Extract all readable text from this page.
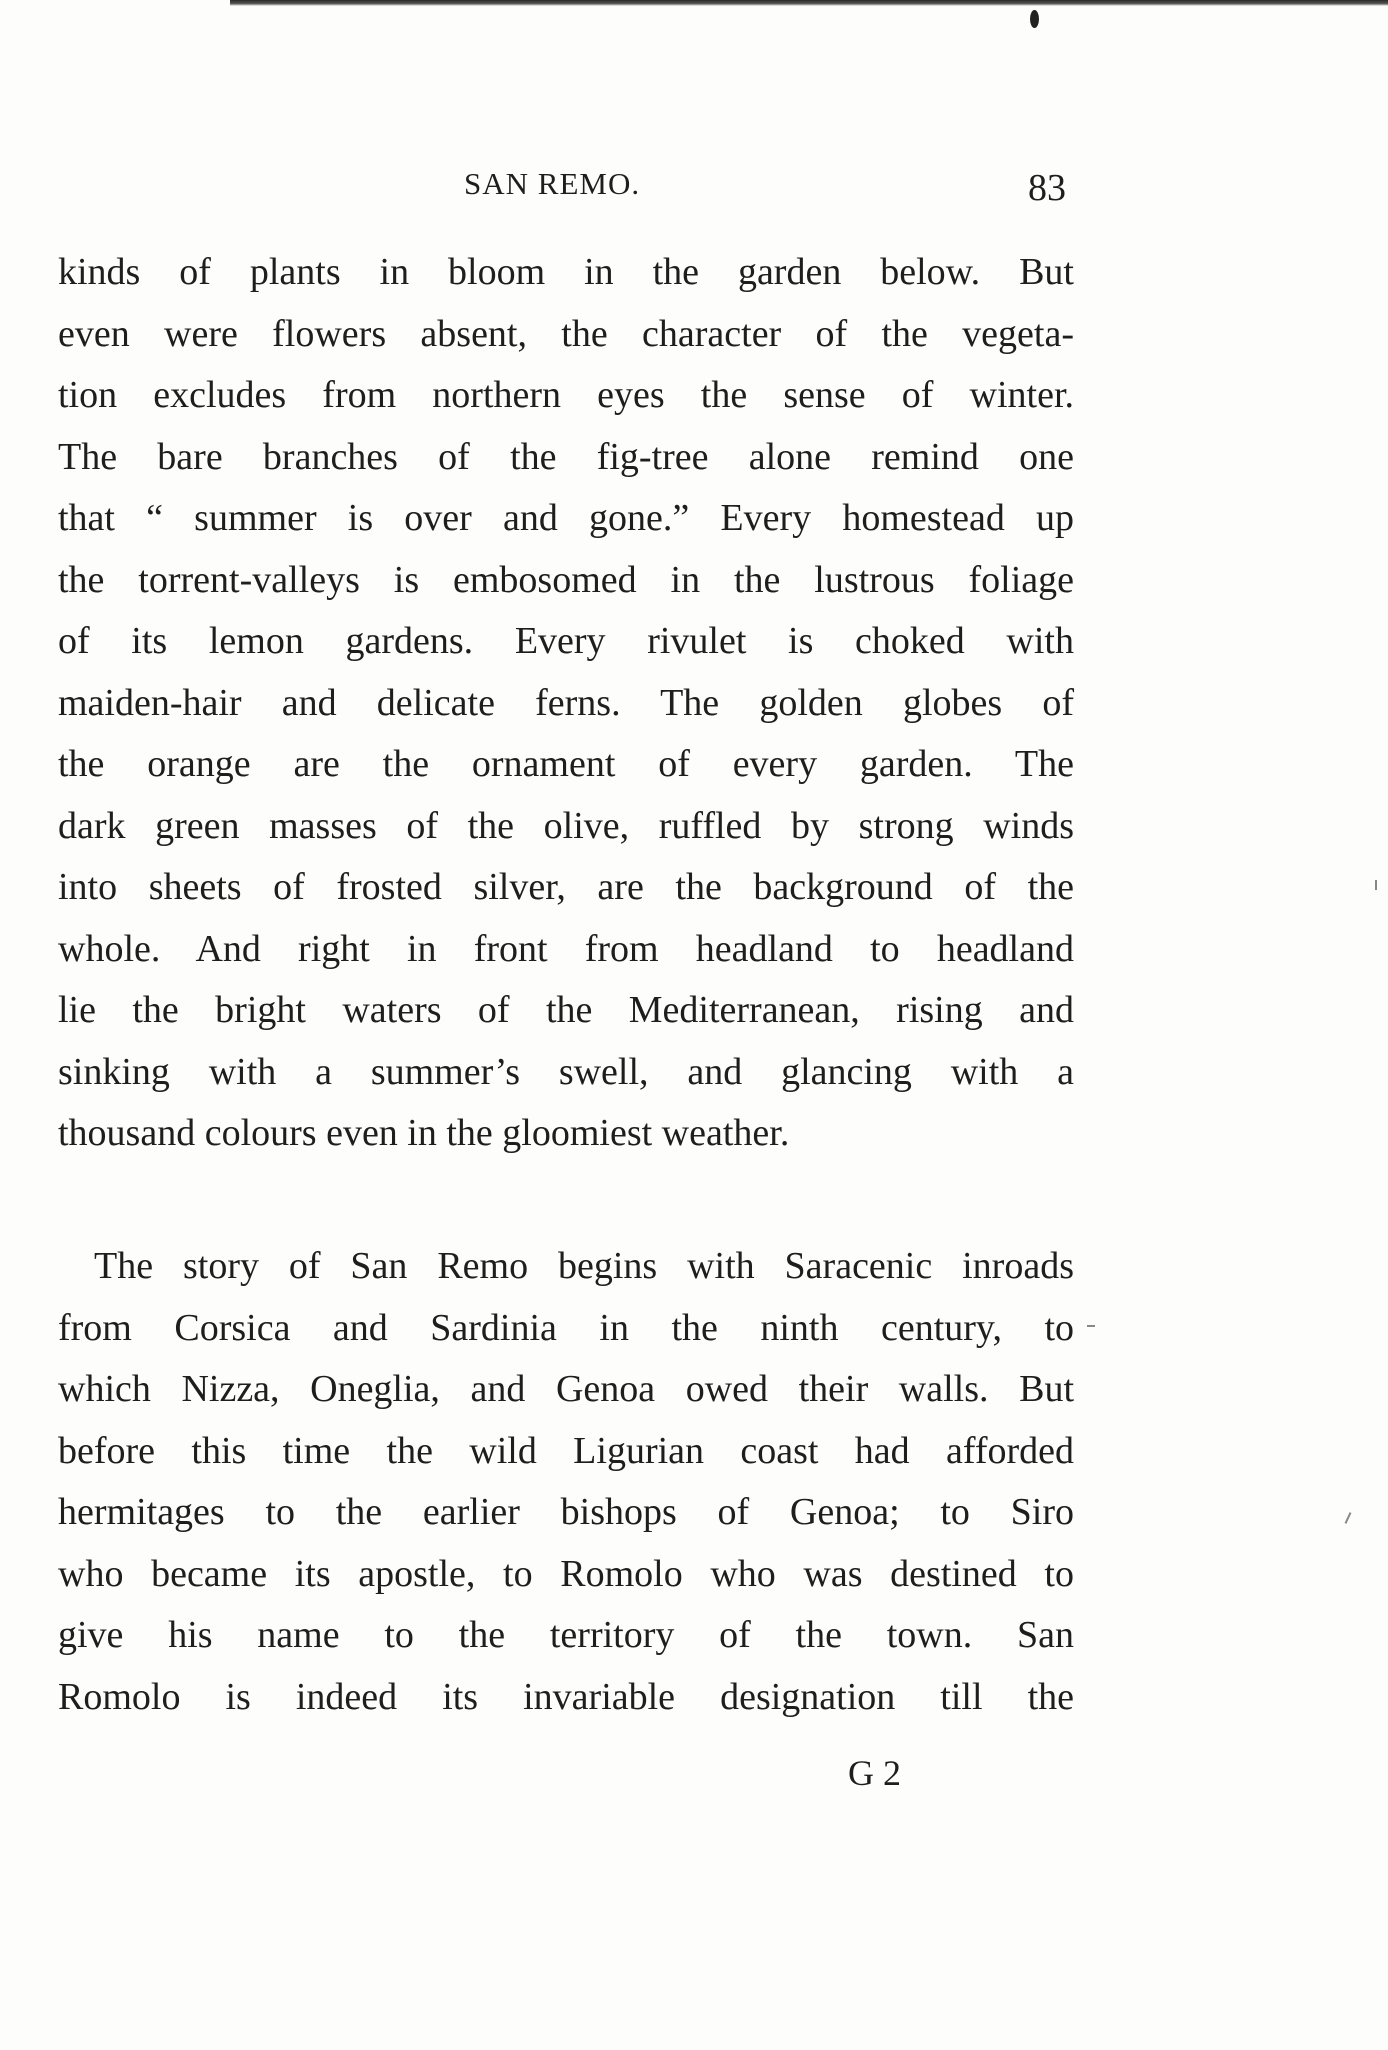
SAN REMO.	83
kinds of plants in bloom in the garden below. But
even were flowers absent, the character of the vegeta-
tion excludes from northern eyes the sense of winter.
The bare branches of the fig-tree alone remind one
that “ summer is over and gone.” Every homestead up
the torrent-valleys is embosomed in the lustrous foliage
of its lemon gardens. Every rivulet is choked with
maiden-hair and delicate ferns. The golden globes of
the orange are the ornament of every garden. The
dark green masses of the olive, ruffled by strong winds
into sheets of frosted silver, are the background of the
whole. And right in front from headland to headland
lie the bright waters of the Mediterranean, rising and
sinking with a summer’s swell, and glancing with a
thousand colours even in the gloomiest weather.
The story of San Remo begins with Saracenic inroads
from Corsica and Sardinia in the ninth century, to
which Nizza, Oneglia, and Genoa owed their walls. But
before this time the wild Ligurian coast had afforded
hermitages to the earlier bishops of Genoa; to Siro
who became its apostle, to Romolo who was destined to
give his name to the territory of the town. San
Romolo is indeed its invariable designation till the
G 2
